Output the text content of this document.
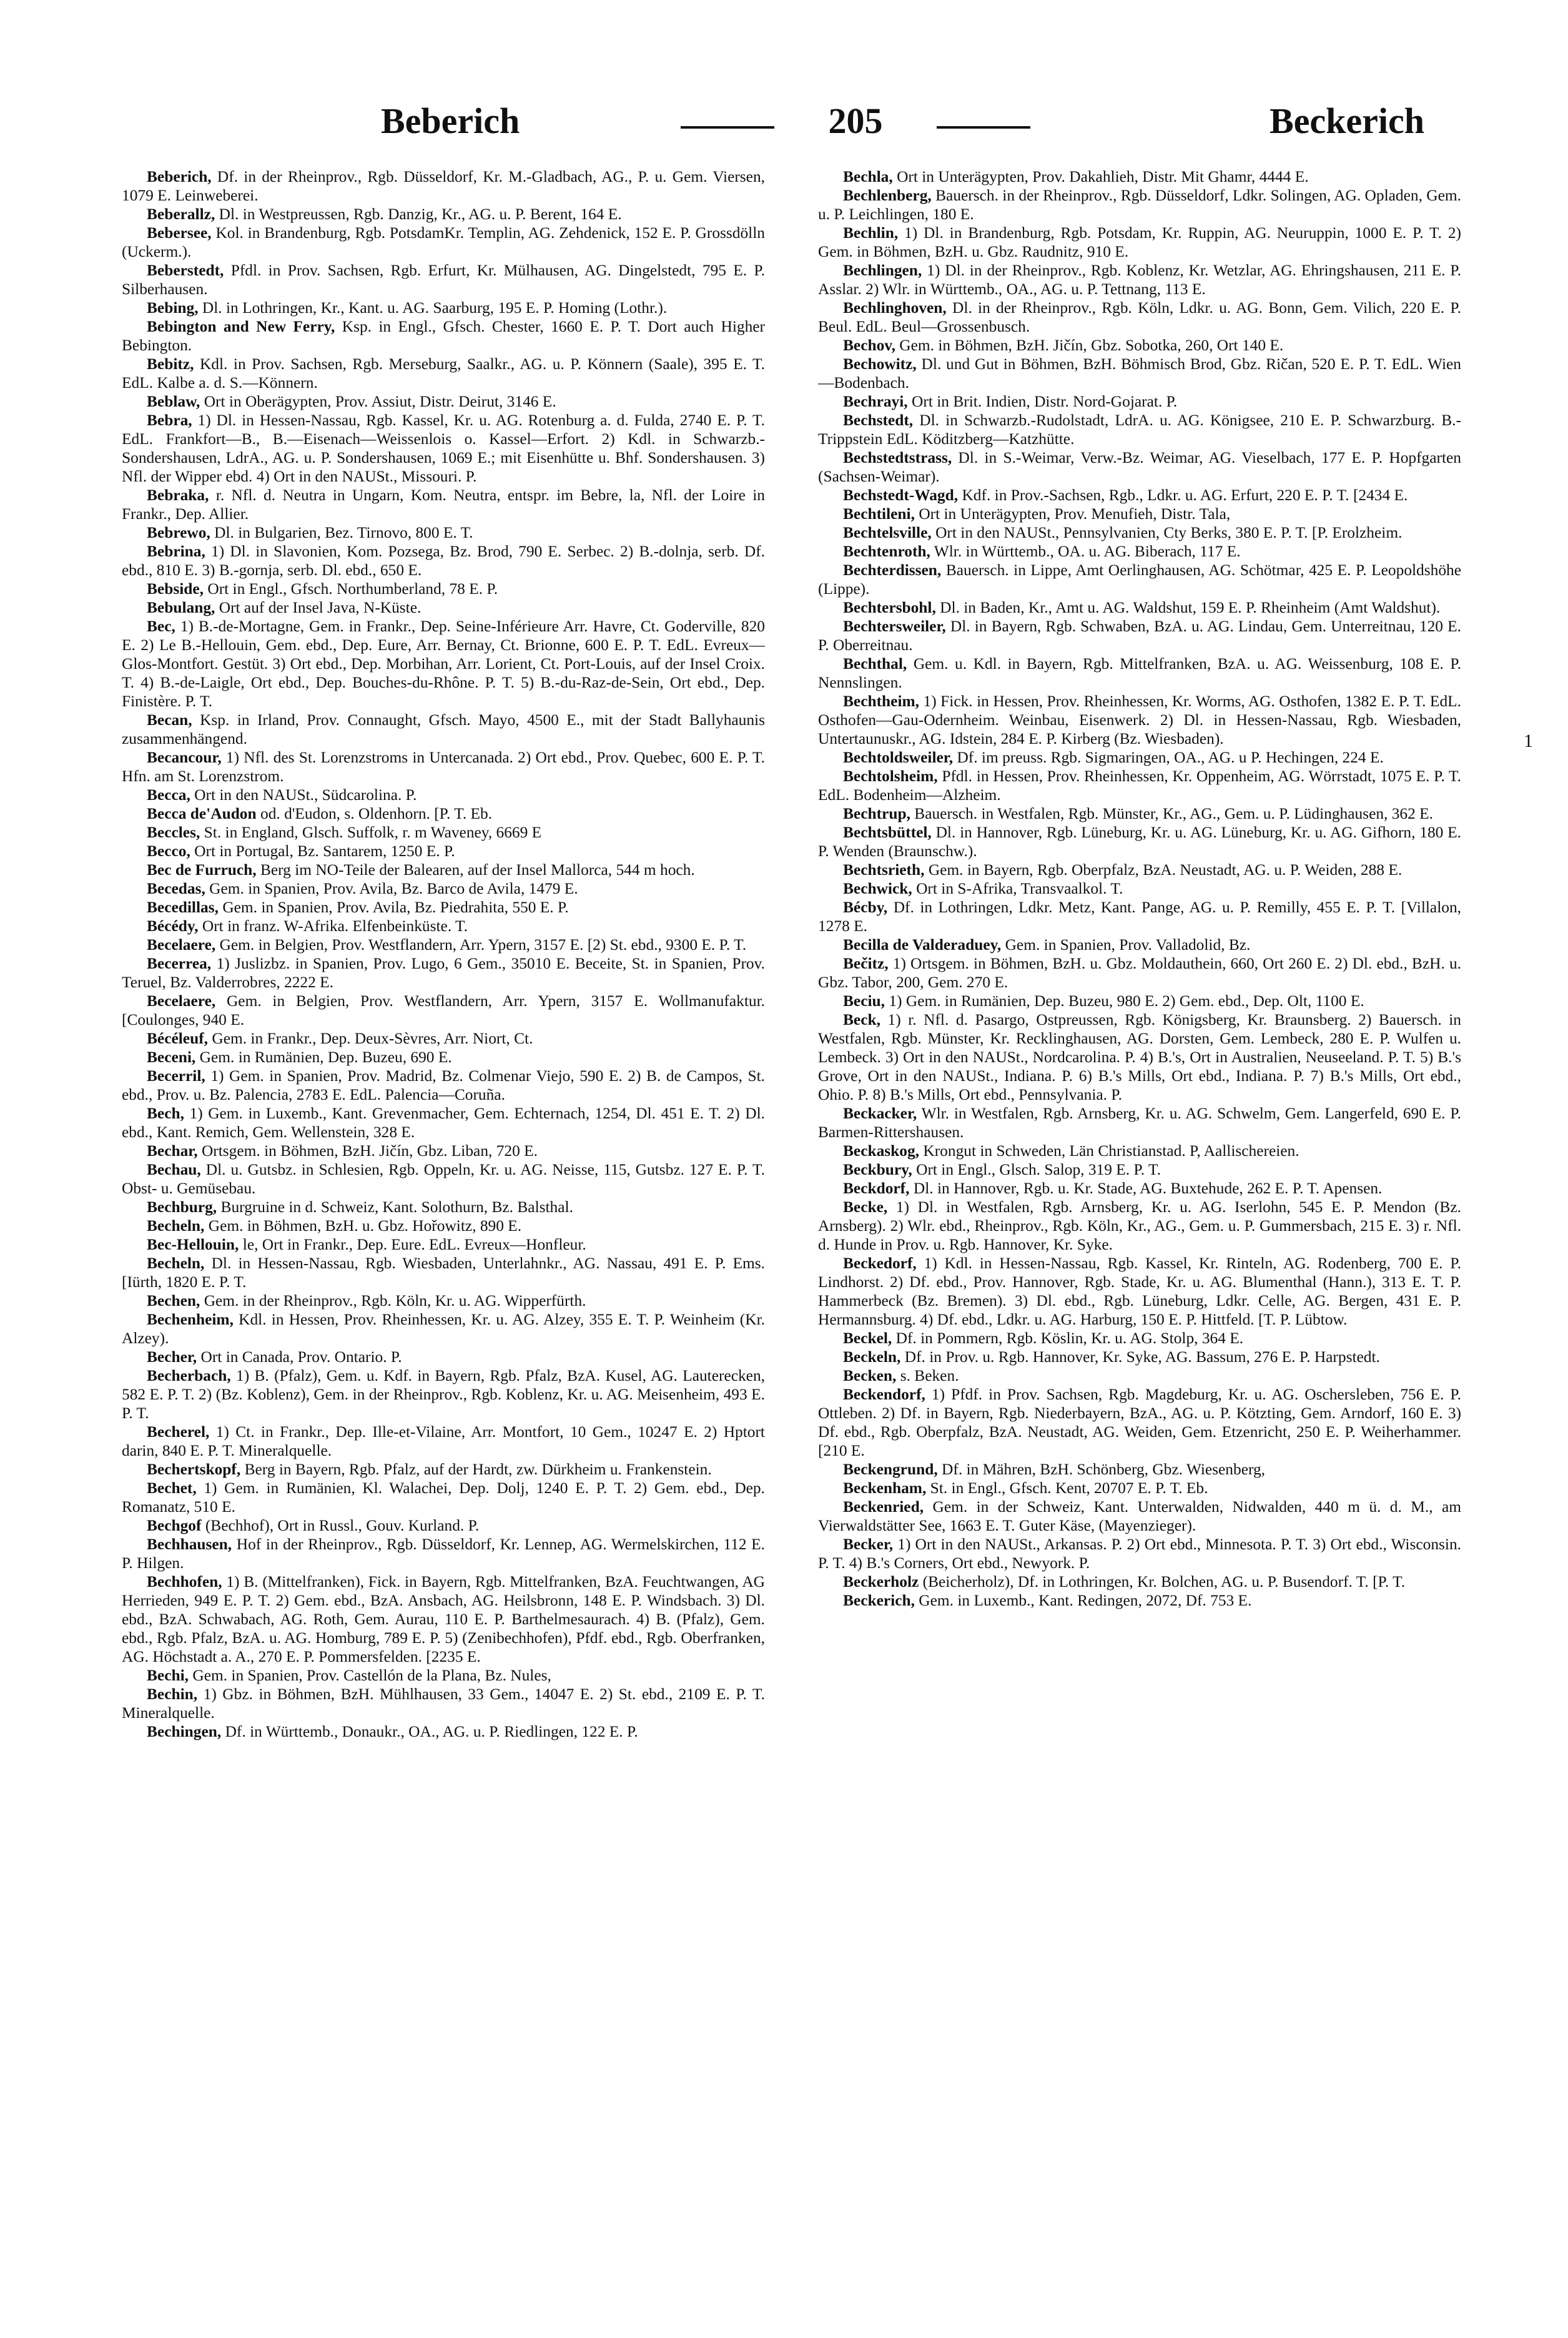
Beberich	205	Beckerich

Beberich, Df. in der Rheinprov., Rgb. Düsseldorf, Kr. M.-Gladbach, AG., P. u. Gem. Viersen, 1079 E. Leinweberei.

Beberallz, Dl. in Westpreussen, Rgb. Danzig, Kr., AG. u. P. Berent, 164 E.

Bebersee, Kol. in Brandenburg, Rgb. PotsdamKr. Templin, AG. Zehdenick, 152 E. P. Grossdölln (Uckerm.).

Beberstedt, Pfdl. in Prov. Sachsen, Rgb. Erfurt, Kr. Mülhausen, AG. Dingelstedt, 795 E. P. Silberhausen.

Bebing, Dl. in Lothringen, Kr., Kant. u. AG. Saarburg, 195 E. P. Homing (Lothr.).

Bebington and New Ferry, Ksp. in Engl., Gfsch. Chester, 1660 E. P. T. Dort auch Higher Bebington.

Bebitz, Kdl. in Prov. Sachsen, Rgb. Merseburg, Saalkr., AG. u. P. Könnern (Saale), 395 E. T. EdL. Kalbe a. d. S.—Könnern.

Beblaw, Ort in Oberägypten, Prov. Assiut, Distr. Deirut, 3146 E.

Bebra, 1) Dl. in Hessen-Nassau, Rgb. Kassel, Kr. u. AG. Rotenburg a. d. Fulda, 2740 E. P. T. EdL. Frankfort—B., B.—Eisenach—Weissenlois o. Kassel—Erfort. 2) Kdl. in Schwarzb.-Sondershausen, LdrA., AG. u. P. Sondershausen, 1069 E.; mit Eisenhütte u. Bhf. Sondershausen. 3) Nfl. der Wipper ebd. 4) Ort in den NAUSt., Missouri. P.

Bebraka, r. Nfl. d. Neutra in Ungarn, Kom. Neutra, entspr. im Bebre, la, Nfl. der Loire in Frankr., Dep. Allier.

Bebrewo, Dl. in Bulgarien, Bez. Tirnovo, 800 E. T.

Bebrina, 1) Dl. in Slavonien, Kom. Pozsega, Bz. Brod, 790 E. Serbec. 2) B.-dolnja, serb. Df. ebd., 810 E. 3) B.-gornja, serb. Dl. ebd., 650 E.

Bebside, Ort in Engl., Gfsch. Northumberland, 78 E. P.

Bebulang, Ort auf der Insel Java, N-Küste.

Bec, 1) B.-de-Mortagne, Gem. in Frankr., Dep. Seine-Inférieure Arr. Havre, Ct. Goderville, 820 E. 2) Le B.-Hellouin, Gem. ebd., Dep. Eure, Arr. Bernay, Ct. Brionne, 600 E. P. T. EdL. Evreux—Glos-Montfort. Gestüt. 3) Ort ebd., Dep. Morbihan, Arr. Lorient, Ct. Port-Louis, auf der Insel Croix. T. 4) B.-de-Laigle, Ort ebd., Dep. Bouches-du-Rhône. P. T. 5) B.-du-Raz-de-Sein, Ort ebd., Dep. Finistère. P. T.

Becan, Ksp. in Irland, Prov. Connaught, Gfsch. Mayo, 4500 E., mit der Stadt Ballyhaunis zusammenhängend.

Becancour, 1) Nfl. des St. Lorenzstroms in Untercanada. 2) Ort ebd., Prov. Quebec, 600 E. P. T. Hfn. am St. Lorenzstrom.

Becca, Ort in den NAUSt., Südcarolina. P.

Becca de'Audon od. d'Eudon, s. Oldenhorn. [P. T. Eb.

Beccles, St. in England, Glsch. Suffolk, r. m Waveney, 6669 E

Becco, Ort in Portugal, Bz. Santarem, 1250 E. P.

Bec de Furruch, Berg im NO-Teile der Balearen, auf der Insel Mallorca, 544 m hoch.

Becedas, Gem. in Spanien, Prov. Avila, Bz. Barco de Avila, 1479 E.

Becedillas, Gem. in Spanien, Prov. Avila, Bz. Piedrahita, 550 E. P.

Bécédy, Ort in franz. W-Afrika. Elfenbeinküste. T.

Becelaere, Gem. in Belgien, Prov. Westflandern, Arr. Ypern, 3157 E. [2) St. ebd., 9300 E. P. T.

Becerrea, 1) Juslizbz. in Spanien, Prov. Lugo, 6 Gem., 35010 E. Beceite, St. in Spanien, Prov. Teruel, Bz. Valderrobres, 2222 E.

Becelaere, Gem. in Belgien, Prov. Westflandern, Arr. Ypern, 3157 E. Wollmanufaktur. [Coulonges, 940 E.

Bécéleuf, Gem. in Frankr., Dep. Deux-Sèvres, Arr. Niort, Ct.

Beceni, Gem. in Rumänien, Dep. Buzeu, 690 E.

Becerril, 1) Gem. in Spanien, Prov. Madrid, Bz. Colmenar Viejo, 590 E. 2) B. de Campos, St. ebd., Prov. u. Bz. Palencia, 2783 E. EdL. Palencia—Coruña.

Bech, 1) Gem. in Luxemb., Kant. Grevenmacher, Gem. Echternach, 1254, Dl. 451 E. T. 2) Dl. ebd., Kant. Remich, Gem. Wellenstein, 328 E.

Bechar, Ortsgem. in Böhmen, BzH. Jičín, Gbz. Liban, 720 E.

Bechau, Dl. u. Gutsbz. in Schlesien, Rgb. Oppeln, Kr. u. AG. Neisse, 115, Gutsbz. 127 E. P. T. Obst- u. Gemüsebau.

Bechburg, Burgruine in d. Schweiz, Kant. Solothurn, Bz. Balsthal.

Becheln, Gem. in Böhmen, BzH. u. Gbz. Hořowitz, 890 E.

Bec-Hellouin, le, Ort in Frankr., Dep. Eure. EdL. Evreux—Honfleur.

Becheln, Dl. in Hessen-Nassau, Rgb. Wiesbaden, Unterlahnkr., AG. Nassau, 491 E. P. Ems. [Iürth, 1820 E. P. T.

Bechen, Gem. in der Rheinprov., Rgb. Köln, Kr. u. AG. Wipperfürth.

Bechenheim, Kdl. in Hessen, Prov. Rheinhessen, Kr. u. AG. Alzey, 355 E. T. P. Weinheim (Kr. Alzey).

Becher, Ort in Canada, Prov. Ontario. P.

Becherbach, 1) B. (Pfalz), Gem. u. Kdf. in Bayern, Rgb. Pfalz, BzA. Kusel, AG. Lauterecken, 582 E. P. T. 2) (Bz. Koblenz), Gem. in der Rheinprov., Rgb. Koblenz, Kr. u. AG. Meisenheim, 493 E. P. T.

Becherel, 1) Ct. in Frankr., Dep. Ille-et-Vilaine, Arr. Montfort, 10 Gem., 10247 E. 2) Hptort darin, 840 E. P. T. Mineralquelle.

Bechertskopf, Berg in Bayern, Rgb. Pfalz, auf der Hardt, zw. Dürkheim u. Frankenstein.

Bechet, 1) Gem. in Rumänien, Kl. Walachei, Dep. Dolj, 1240 E. P. T. 2) Gem. ebd., Dep. Romanatz, 510 E.

Bechgof (Bechhof), Ort in Russl., Gouv. Kurland. P.

Bechhausen, Hof in der Rheinprov., Rgb. Düsseldorf, Kr. Lennep, AG. Wermelskirchen, 112 E. P. Hilgen.

Bechhofen, 1) B. (Mittelfranken), Fick. in Bayern, Rgb. Mittelfranken, BzA. Feuchtwangen, AG Herrieden, 949 E. P. T. 2) Gem. ebd., BzA. Ansbach, AG. Heilsbronn, 148 E. P. Windsbach. 3) Dl. ebd., BzA. Schwabach, AG. Roth, Gem. Aurau, 110 E. P. Barthelmesaurach. 4) B. (Pfalz), Gem. ebd., Rgb. Pfalz, BzA. u. AG. Homburg, 789 E. P. 5) (Zenibechhofen), Pfdf. ebd., Rgb. Oberfranken, AG. Höchstadt a. A., 270 E. P. Pommersfelden. [2235 E.

Bechi, Gem. in Spanien, Prov. Castellón de la Plana, Bz. Nules,

Bechin, 1) Gbz. in Böhmen, BzH. Mühlhausen, 33 Gem., 14047 E. 2) St. ebd., 2109 E. P. T. Mineralquelle.

Bechingen, Df. in Württemb., Donaukr., OA., AG. u. P. Riedlingen, 122 E. P.

Bechla, Ort in Unterägypten, Prov. Dakahlieh, Distr. Mit Ghamr, 4444 E.

Bechlenberg, Bauersch. in der Rheinprov., Rgb. Düsseldorf, Ldkr. Solingen, AG. Opladen, Gem. u. P. Leichlingen, 180 E.

Bechlin, 1) Dl. in Brandenburg, Rgb. Potsdam, Kr. Ruppin, AG. Neuruppin, 1000 E. P. T. 2) Gem. in Böhmen, BzH. u. Gbz. Raudnitz, 910 E.

Bechlingen, 1) Dl. in der Rheinprov., Rgb. Koblenz, Kr. Wetzlar, AG. Ehringshausen, 211 E. P. Asslar. 2) Wlr. in Württemb., OA., AG. u. P. Tettnang, 113 E.

Bechlinghoven, Dl. in der Rheinprov., Rgb. Köln, Ldkr. u. AG. Bonn, Gem. Vilich, 220 E. P. Beul. EdL. Beul—Grossenbusch.

Bechov, Gem. in Böhmen, BzH. Jičín, Gbz. Sobotka, 260, Ort 140 E.

Bechowitz, Dl. und Gut in Böhmen, BzH. Böhmisch Brod, Gbz. Ričan, 520 E. P. T. EdL. Wien—Bodenbach.

Bechrayi, Ort in Brit. Indien, Distr. Nord-Gojarat. P.

Bechstedt, Dl. in Schwarzb.-Rudolstadt, LdrA. u. AG. Königsee, 210 E. P. Schwarzburg. B.-Trippstein EdL. Köditzberg—Katzhütte.

Bechstedtstrass, Dl. in S.-Weimar, Verw.-Bz. Weimar, AG. Vieselbach, 177 E. P. Hopfgarten (Sachsen-Weimar).

Bechstedt-Wagd, Kdf. in Prov.-Sachsen, Rgb., Ldkr. u. AG. Erfurt, 220 E. P. T. [2434 E.

Bechtileni, Ort in Unterägypten, Prov. Menufieh, Distr. Tala,

Bechtelsville, Ort in den NAUSt., Pennsylvanien, Cty Berks, 380 E. P. T. [P. Erolzheim.

Bechtenroth, Wlr. in Württemb., OA. u. AG. Biberach, 117 E.

Bechterdissen, Bauersch. in Lippe, Amt Oerlinghausen, AG. Schötmar, 425 E. P. Leopoldshöhe (Lippe).

Bechtersbohl, Dl. in Baden, Kr., Amt u. AG. Waldshut, 159 E. P. Rheinheim (Amt Waldshut).

Bechtersweiler, Dl. in Bayern, Rgb. Schwaben, BzA. u. AG. Lindau, Gem. Unterreitnau, 120 E. P. Oberreitnau.

Bechthal, Gem. u. Kdl. in Bayern, Rgb. Mittelfranken, BzA. u. AG. Weissenburg, 108 E. P. Nennslingen.

Bechtheim, 1) Fick. in Hessen, Prov. Rheinhessen, Kr. Worms, AG. Osthofen, 1382 E. P. T. EdL. Osthofen—Gau-Odernheim. Weinbau, Eisenwerk. 2) Dl. in Hessen-Nassau, Rgb. Wiesbaden, Untertaunuskr., AG. Idstein, 284 E. P. Kirberg (Bz. Wiesbaden).

Bechtoldsweiler, Df. im preuss. Rgb. Sigmaringen, OA., AG. u P. Hechingen, 224 E.

Bechtolsheim, Pfdl. in Hessen, Prov. Rheinhessen, Kr. Oppenheim, AG. Wörrstadt, 1075 E. P. T. EdL. Bodenheim—Alzheim.

Bechtrup, Bauersch. in Westfalen, Rgb. Münster, Kr., AG., Gem. u. P. Lüdinghausen, 362 E.

Bechtsbüttel, Dl. in Hannover, Rgb. Lüneburg, Kr. u. AG. Lüneburg, Kr. u. AG. Gifhorn, 180 E. P. Wenden (Braunschw.).

Bechtsrieth, Gem. in Bayern, Rgb. Oberpfalz, BzA. Neustadt, AG. u. P. Weiden, 288 E.

Bechwick, Ort in S-Afrika, Transvaalkol. T.

Bécby, Df. in Lothringen, Ldkr. Metz, Kant. Pange, AG. u. P. Remilly, 455 E. P. T. [Villalon, 1278 E.

Becilla de Valderaduey, Gem. in Spanien, Prov. Valladolid, Bz.

Bečitz, 1) Ortsgem. in Böhmen, BzH. u. Gbz. Moldauthein, 660, Ort 260 E. 2) Dl. ebd., BzH. u. Gbz. Tabor, 200, Gem. 270 E.

Beciu, 1) Gem. in Rumänien, Dep. Buzeu, 980 E. 2) Gem. ebd., Dep. Olt, 1100 E.

Beck, 1) r. Nfl. d. Pasargo, Ostpreussen, Rgb. Königsberg, Kr. Braunsberg. 2) Bauersch. in Westfalen, Rgb. Münster, Kr. Recklinghausen, AG. Dorsten, Gem. Lembeck, 280 E. P. Wulfen u. Lembeck. 3) Ort in den NAUSt., Nordcarolina. P. 4) B.'s, Ort in Australien, Neuseeland. P. T. 5) B.'s Grove, Ort in den NAUSt., Indiana. P. 6) B.'s Mills, Ort ebd., Indiana. P. 7) B.'s Mills, Ort ebd., Ohio. P. 8) B.'s Mills, Ort ebd., Pennsylvania. P.

Beckacker, Wlr. in Westfalen, Rgb. Arnsberg, Kr. u. AG. Schwelm, Gem. Langerfeld, 690 E. P. Barmen-Rittershausen.

Beckaskog, Krongut in Schweden, Län Christianstad. P, Aallischereien.

Beckbury, Ort in Engl., Glsch. Salop, 319 E. P. T.

Beckdorf, Dl. in Hannover, Rgb. u. Kr. Stade, AG. Buxtehude, 262 E. P. T. Apensen.

Becke, 1) Dl. in Westfalen, Rgb. Arnsberg, Kr. u. AG. Iserlohn, 545 E. P. Mendon (Bz. Arnsberg). 2) Wlr. ebd., Rheinprov., Rgb. Köln, Kr., AG., Gem. u. P. Gummersbach, 215 E. 3) r. Nfl. d. Hunde in Prov. u. Rgb. Hannover, Kr. Syke.

Beckedorf, 1) Kdl. in Hessen-Nassau, Rgb. Kassel, Kr. Rinteln, AG. Rodenberg, 700 E. P. Lindhorst. 2) Df. ebd., Prov. Hannover, Rgb. Stade, Kr. u. AG. Blumenthal (Hann.), 313 E. T. P. Hammerbeck (Bz. Bremen). 3) Dl. ebd., Rgb. Lüneburg, Ldkr. Celle, AG. Bergen, 431 E. P. Hermannsburg. 4) Df. ebd., Ldkr. u. AG. Harburg, 150 E. P. Hittfeld. [T. P. Lübtow.

Beckel, Df. in Pommern, Rgb. Köslin, Kr. u. AG. Stolp, 364 E.

Beckeln, Df. in Prov. u. Rgb. Hannover, Kr. Syke, AG. Bassum, 276 E. P. Harpstedt.

Becken, s. Beken.

Beckendorf, 1) Pfdf. in Prov. Sachsen, Rgb. Magdeburg, Kr. u. AG. Oschersleben, 756 E. P. Ottleben. 2) Df. in Bayern, Rgb. Niederbayern, BzA., AG. u. P. Kötzting, Gem. Arndorf, 160 E. 3) Df. ebd., Rgb. Oberpfalz, BzA. Neustadt, AG. Weiden, Gem. Etzenricht, 250 E. P. Weiherhammer. [210 E.

Beckengrund, Df. in Mähren, BzH. Schönberg, Gbz. Wiesenberg,

Beckenham, St. in Engl., Gfsch. Kent, 20707 E. P. T. Eb.

Beckenried, Gem. in der Schweiz, Kant. Unterwalden, Nidwalden, 440 m ü. d. M., am Vierwaldstätter See, 1663 E. T. Guter Käse, (Mayenzieger).

Becker, 1) Ort in den NAUSt., Arkansas. P. 2) Ort ebd., Minnesota. P. T. 3) Ort ebd., Wisconsin. P. T. 4) B.'s Corners, Ort ebd., Newyork. P.

Beckerholz (Beicherholz), Df. in Lothringen, Kr. Bolchen, AG. u. P. Busendorf. T. [P. T.

Beckerich, Gem. in Luxemb., Kant. Redingen, 2072, Df. 753 E.

1
